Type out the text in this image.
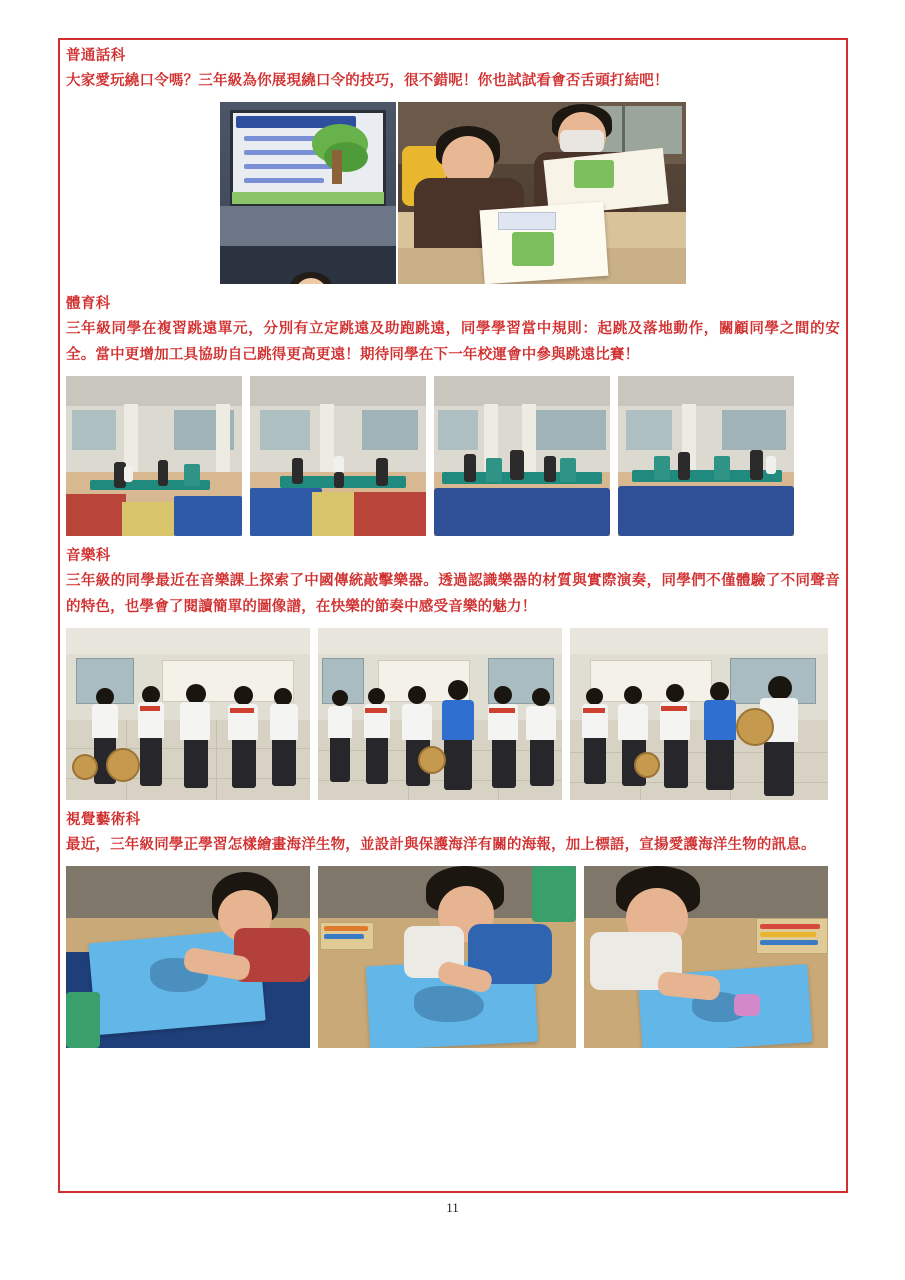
普通話科
大家愛玩繞口令嗎？三年級為你展現繞口令的技巧，很不錯呢！你也試試看會否舌頭打結吧！
體育科
三年級同學在複習跳遠單元，分別有立定跳遠及助跑跳遠，同學學習當中規則：起跳及落地動作，關顧同學之間的安全。當中更增加工具協助自己跳得更高更遠！期待同學在下一年校運會中參與跳遠比賽！
音樂科
三年級的同學最近在音樂課上探索了中國傳統敲擊樂器。透過認識樂器的材質與實際演奏，同學們不僅體驗了不同聲音的特色，也學會了閱讀簡單的圖像譜，在快樂的節奏中感受音樂的魅力！
視覺藝術科
最近，三年級同學正學習怎樣繪畫海洋生物，並設計與保護海洋有關的海報，加上標語，宣揚愛護海洋生物的訊息。
11
